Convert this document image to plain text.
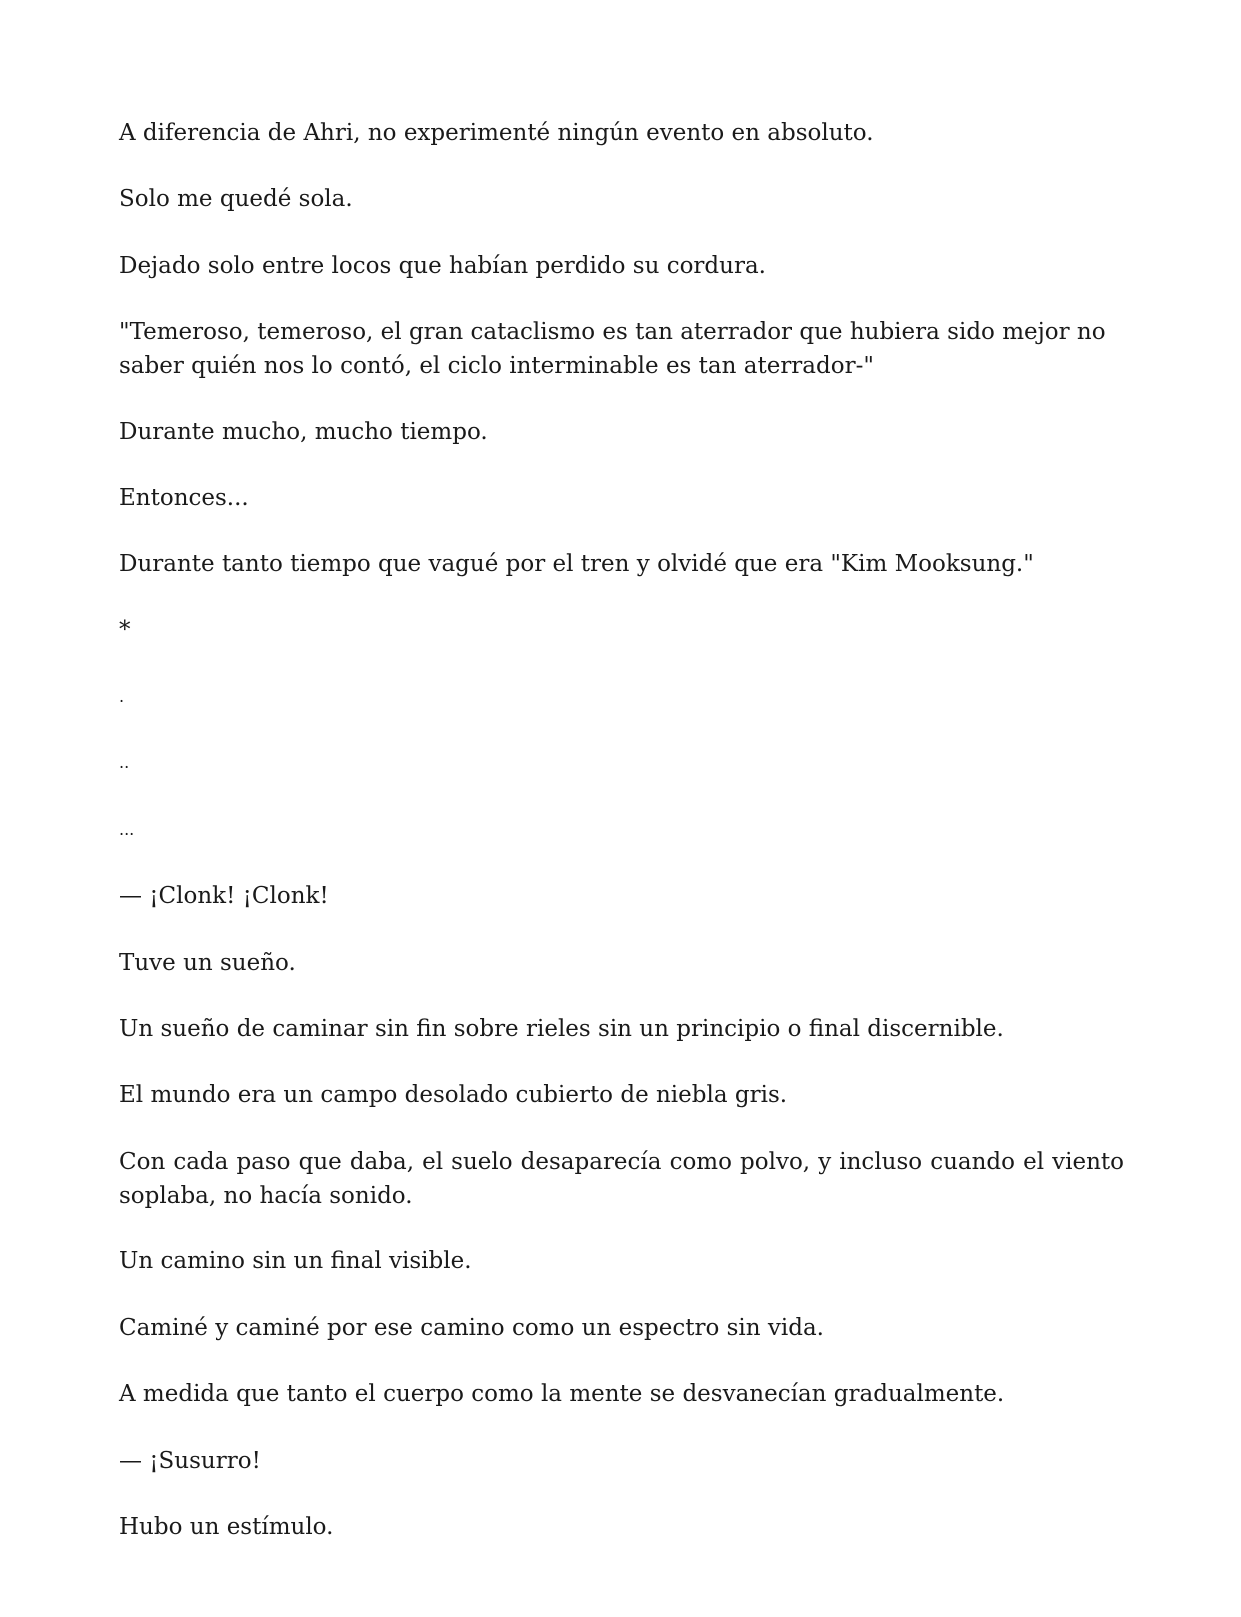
A diferencia de Ahri, no experimenté ningún evento en absoluto.

Solo me quedé sola.

Dejado solo entre locos que habían perdido su cordura.

"Temeroso, temeroso, el gran cataclismo es tan aterrador que hubiera sido mejor no saber quién nos lo contó, el ciclo interminable es tan aterrador-"

Durante mucho, mucho tiempo.

Entonces...

Durante tanto tiempo que vagué por el tren y olvidé que era "Kim Mooksung."

*

.

..

...

— ¡Clonk! ¡Clonk!

Tuve un sueño.

Un sueño de caminar sin fin sobre rieles sin un principio o final discernible.

El mundo era un campo desolado cubierto de niebla gris.

Con cada paso que daba, el suelo desaparecía como polvo, y incluso cuando el viento soplaba, no hacía sonido.

Un camino sin un final visible.

Caminé y caminé por ese camino como un espectro sin vida.

A medida que tanto el cuerpo como la mente se desvanecían gradualmente.

— ¡Susurro!

Hubo un estímulo.
